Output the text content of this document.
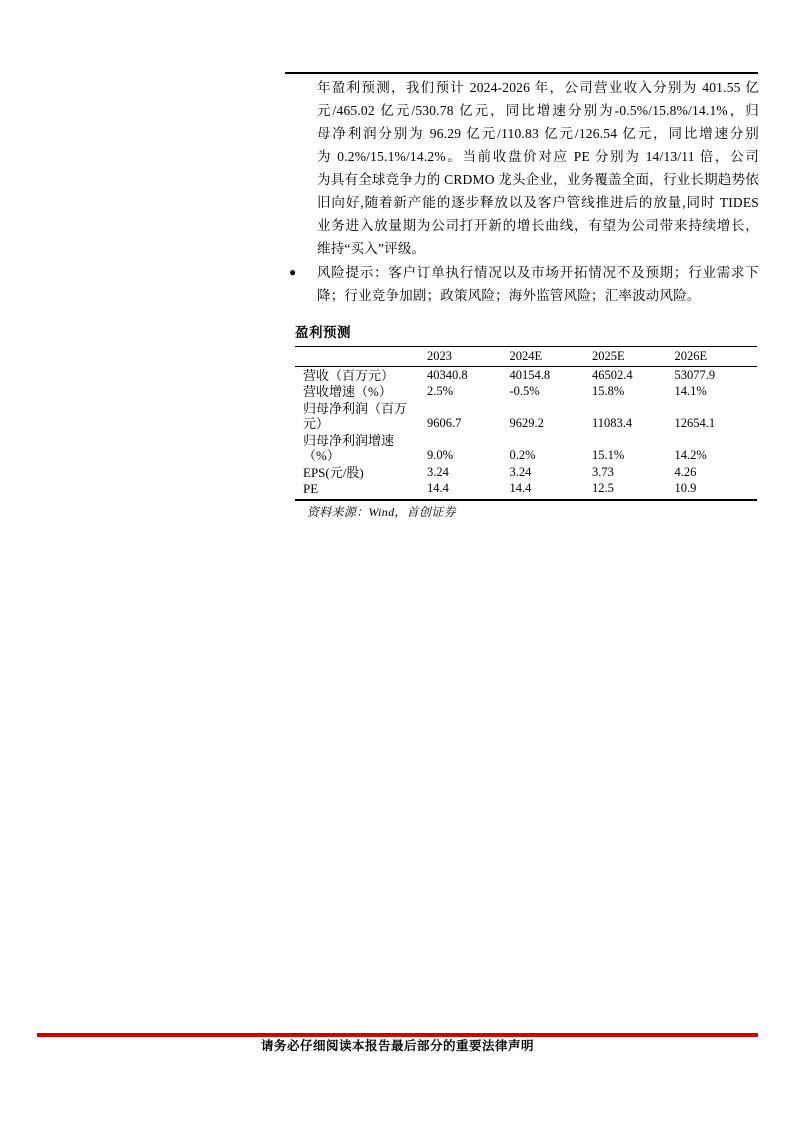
年盈利预测，我们预计 2024-2026 年，公司营业收入分别为 401.55 亿
元/465.02 亿元/530.78 亿元，同比增速分别为-0.5%/15.8%/14.1%，归
母净利润分别为 96.29 亿元/110.83 亿元/126.54 亿元，同比增速分别
为 0.2%/15.1%/14.2%。当前收盘价对应 PE 分别为 14/13/11 倍，公司
为具有全球竞争力的 CRDMO 龙头企业，业务覆盖全面，行业长期趋势依
旧向好,随着新产能的逐步释放以及客户管线推进后的放量,同时 TIDES
业务进入放量期为公司打开新的增长曲线，有望为公司带来持续增长，
维持“买入”评级。
● 风险提示：客户订单执行情况以及市场开拓情况不及预期；行业需求下
降；行业竞争加剧；政策风险；海外监管风险；汇率波动风险。
盈利预测
	2023	2024E	2025E	2026E

营收（百万元）	40340.8	40154.8	46502.4	53077.9

营收增速（%）	2.5%	-0.5%	15.8%	14.1%

归母净利润（百万
元）	9606.7	9629.2	11083.4	12654.1

归母净利润增速
（%）	9.0%	0.2%	15.1%	14.2%

EPS(元/股)	3.24	3.24	3.73	4.26

PE	14.4	14.4	12.5	10.9
资料来源：Wind，首创证券
请务必仔细阅读本报告最后部分的重要法律声明
